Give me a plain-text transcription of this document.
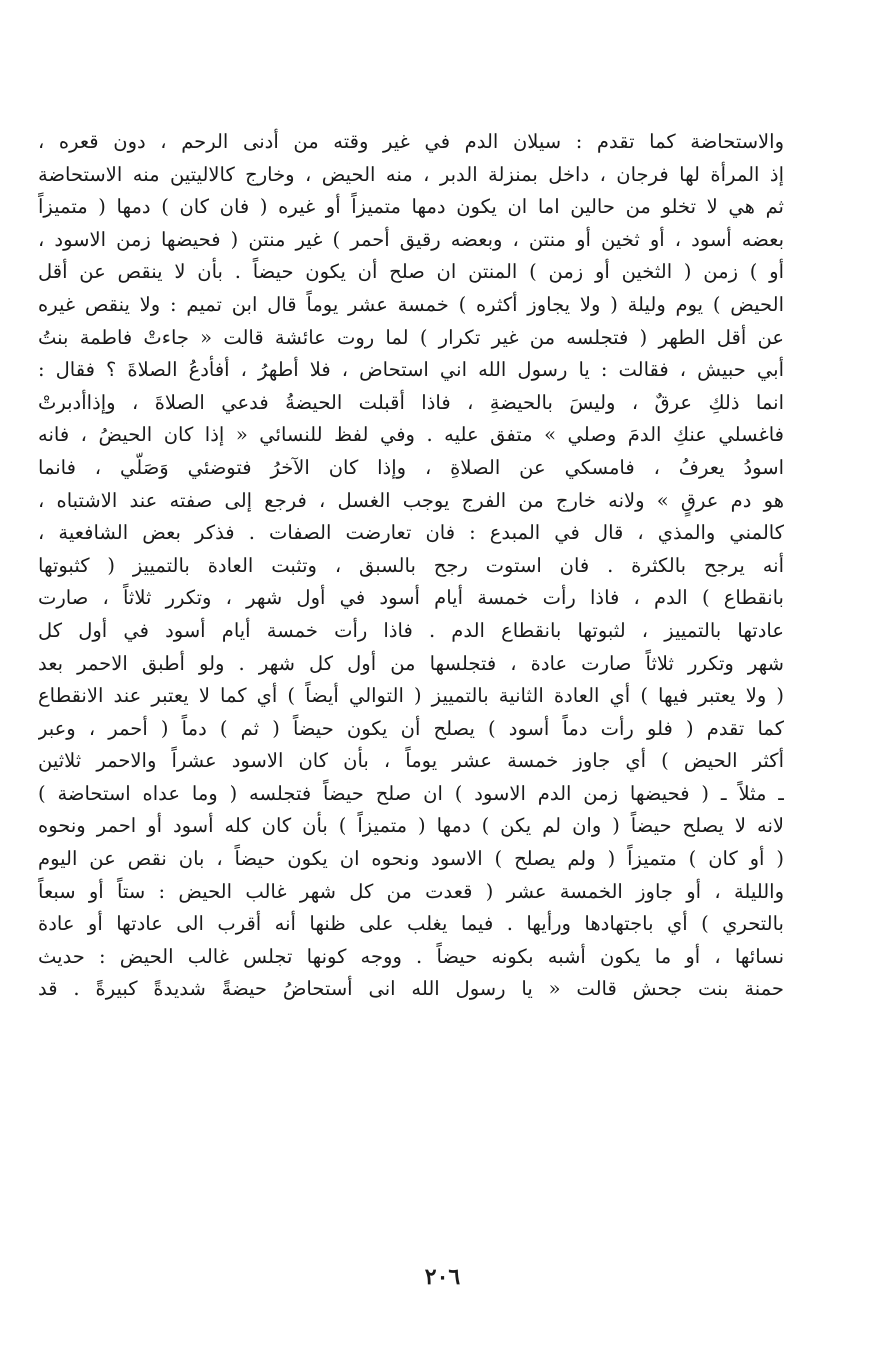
والاستحاضة كما تقدم : سيلان الدم في غير وقته من أدنى الرحم ، دون قعره ،
إذ المرأة لها فرجان ، داخل بمنزلة الدبر ، منه الحيض ، وخارج كالاليتين منه الاستحاضة
ثم هي لا تخلو من حالين اما ان يكون دمها متميزاً أو غيره ( فان كان ) دمها ( متميزاً
بعضه أسود ، أو ثخين أو منتن ، وبعضه رقيق أحمر ) غير منتن ( فحيضها زمن الاسود ،
أو ) زمن ( الثخين أو زمن ) المنتن ان صلح أن يكون حيضاً . بأن لا ينقص عن أقل
الحيض ) يوم وليلة ( ولا يجاوز أكثره ) خمسة عشر يوماً قال ابن تميم : ولا ينقص غيره
عن أقل الطهر ( فتجلسه من غير تكرار ) لما روت عائشة قالت « جاءتْ فاطمة بنتُ
أبي حبيش ، فقالت : يا رسول الله اني استحاض ، فلا أطهرُ ، أفأدعُ الصلاةَ ؟ فقال :
انما ذلكِ عرقٌ ، وليسَ بالحيضةِ ، فاذا أقبلت الحيضةُ فدعي الصلاةَ ، وإذاأدبرتْ
فاغسلي عنكِ الدمَ وصلي » متفق عليه . وفي لفظ للنسائي « إذا كان الحيضُ ، فانه
اسودُ يعرفُ ، فامسكي عن الصلاةِ ، وإذا كان الآخرُ فتوضئي وَصَلّي ، فانما
هو دم عرقٍ » ولانه خارج من الفرج يوجب الغسل ، فرجع إلى صفته عند الاشتباه ،
كالمني والمذي ، قال في المبدع : فان تعارضت الصفات . فذكر بعض الشافعية ،
أنه يرجح بالكثرة . فان استوت رجح بالسبق ، وتثبت العادة بالتمييز ( كثبوتها
بانقطاع ) الدم ، فاذا رأت خمسة أيام أسود في أول شهر ، وتكرر ثلاثاً ، صارت
عادتها بالتمييز ، لثبوتها بانقطاع الدم . فاذا رأت خمسة أيام أسود في أول كل
شهر وتكرر ثلاثاً صارت عادة ، فتجلسها من أول كل شهر . ولو أطبق الاحمر بعد
( ولا يعتبر فيها ) أي العادة الثانية بالتمييز ( التوالي أيضاً ) أي كما لا يعتبر عند الانقطاع
كما تقدم ( فلو رأت دماً أسود ) يصلح أن يكون حيضاً ( ثم ) دماً ( أحمر ، وعبر
أكثر الحيض ) أي جاوز خمسة عشر يوماً ، بأن كان الاسود عشراً والاحمر ثلاثين
ـ مثلاً ـ ( فحيضها زمن الدم الاسود ) ان صلح حيضاً فتجلسه ( وما عداه استحاضة )
لانه لا يصلح حيضاً ( وان لم يكن ) دمها ( متميزاً ) بأن كان كله أسود أو احمر ونحوه
( أو كان ) متميزاً ( ولم يصلح ) الاسود ونحوه ان يكون حيضاً ، بان نقص عن اليوم
والليلة ، أو جاوز الخمسة عشر ( قعدت من كل شهر غالب الحيض : ستاً أو سبعاً
بالتحري ) أي باجتهادها ورأيها . فيما يغلب على ظنها أنه أقرب الى عادتها أو عادة
نسائها ، أو ما يكون أشبه بكونه حيضاً . ووجه كونها تجلس غالب الحيض : حديث
حمنة بنت جحش قالت « يا رسول الله انى أستحاضُ حيضةً شديدةً كبيرةً . قد
٢٠٦
